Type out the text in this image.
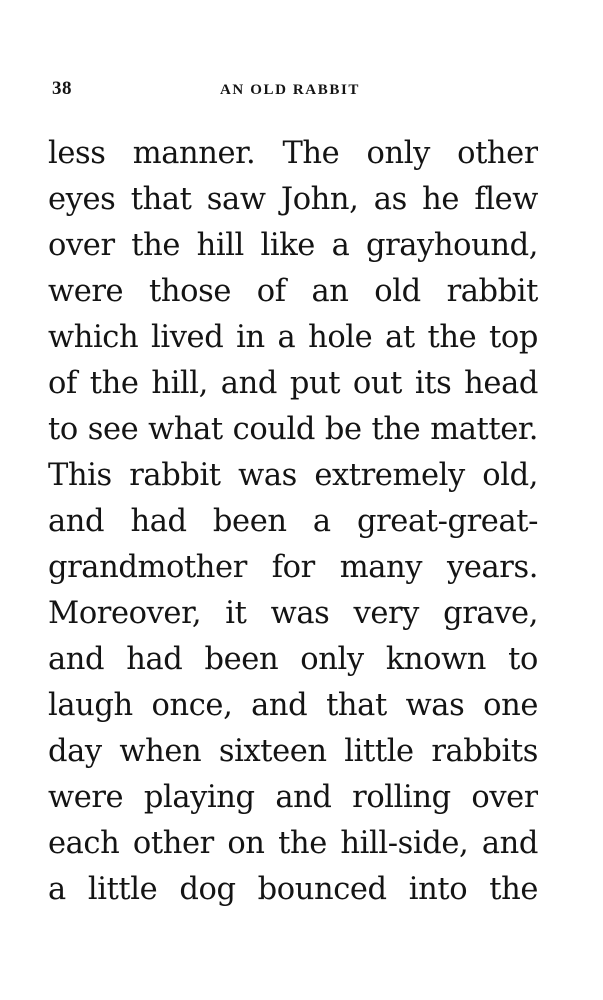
38	AN OLD RABBIT
less manner. The only other
eyes that saw John, as he flew
over the hill like a grayhound,
were those of an old rabbit
which lived in a hole at the top
of the hill, and put out its head
to see what could be the matter.
This rabbit was extremely old,
and had been a great-great-
grandmother for many years.
Moreover, it was very grave,
and had been only known to
laugh once, and that was one
day when sixteen little rabbits
were playing and rolling over
each other on the hill-side, and
a little dog bounced into the
